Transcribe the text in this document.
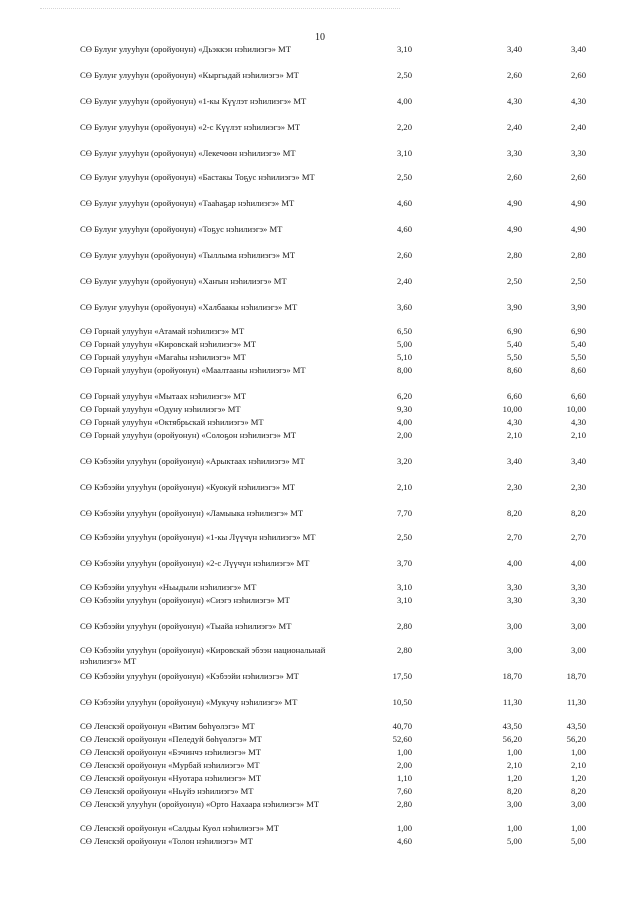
10
СӨ Булуҥ улууһун (оройуонун) «Дьэккэн нэһилиэгэ» МТ	3,10	3,40	3,40
СӨ Булуҥ улууһун (оройуонун) «Кыргыдай нэһилиэгэ» МТ	2,50	2,60	2,60
СӨ Булуҥ улууһун (оройуонун) «1-кы Күүлэт нэһилиэгэ» МТ	4,00	4,30	4,30
СӨ Булуҥ улууһун (оройуонун) «2-с Күүлэт нэһилиэгэ» МТ	2,20	2,40	2,40
СӨ Булуҥ улууһун (оройуонун) «Лекечөөн нэһилиэгэ» МТ	3,10	3,30	3,30
СӨ Булуҥ улууһун (оройуонун) «Бастакы Тоҕус нэһилиэгэ» МТ	2,50	2,60	2,60
СӨ Булуҥ улууһун (оройуонун) «Тааһаҕар нэһилиэгэ» МТ	4,60	4,90	4,90
СӨ Булуҥ улууһун (оройуонун) «Тоҕус нэһилиэгэ» МТ	4,60	4,90	4,90
СӨ Булуҥ улууһун (оройуонун) «Тыллыма нэһилиэгэ» МТ	2,60	2,80	2,80
СӨ Булуҥ улууһун (оройуонун) «Хаҥын нэһилиэгэ» МТ	2,40	2,50	2,50
СӨ Булуҥ улууһун (оройуонун) «Халбаакы нэһилиэгэ» МТ	3,60	3,90	3,90
СӨ Горнай улууһун «Атамай нэһилиэгэ» МТ	6,50	6,90	6,90
СӨ Горнай улууһун «Кировскай нэһилиэгэ» МТ	5,00	5,40	5,40
СӨ Горнай улууһун «Магаһы нэһилиэгэ» МТ	5,10	5,50	5,50
СӨ Горнай улууһун (оройуонун) «Маалтааны нэһилиэгэ» МТ	8,00	8,60	8,60
СӨ Горнай улууһун «Мытаах нэһилиэгэ» МТ	6,20	6,60	6,60
СӨ Горнай улууһун «Одуну нэһилиэгэ» МТ	9,30	10,00	10,00
СӨ Горнай улууһун «Октябрьскай нэһилиэгэ» МТ	4,00	4,30	4,30
СӨ Горнай улууһун (оройуонун) «Солоҕон нэһилиэгэ» МТ	2,00	2,10	2,10
СӨ Кэбээйи улууһун (оройуонун) «Арыктаах нэһилиэгэ» МТ	3,20	3,40	3,40
СӨ Кэбээйи улууһун (оройуонун) «Куокуй нэһилиэгэ» МТ	2,10	2,30	2,30
СӨ Кэбээйи улууһун (оройуонун) «Ламыыка нэһилиэгэ» МТ	7,70	8,20	8,20
СӨ Кэбээйи улууһун (оройуонун) «1-кы Лүүчүн нэһилиэгэ» МТ	2,50	2,70	2,70
СӨ Кэбээйи улууһун (оройуонун) «2-с Лүүчүн нэһилиэгэ» МТ	3,70	4,00	4,00
СӨ Кэбээйи улууһун «Ньыдыли нэһилиэгэ» МТ	3,10	3,30	3,30
СӨ Кэбээйи улууһун (оройуонун) «Сиэгэ нэһилиэгэ» МТ	3,10	3,30	3,30
СӨ Кэбээйи улууһун (оройуонун) «Тыайа нэһилиэгэ» МТ	2,80	3,00	3,00
СӨ Кэбээйи улууһун (оройуонун) «Кировскай эбээн национальнай нэһилиэгэ» МТ
2,80	3,00	3,00
СӨ Кэбээйи улууһун (оройуонун) «Кэбээйи нэһилиэгэ» МТ	17,50	18,70	18,70
СӨ Кэбээйи улууһун (оройуонун) «Мукучу нэһилиэгэ» МТ	10,50	11,30	11,30
СӨ Ленскэй оройуонун «Витим бөһүөлэгэ» МТ	40,70	43,50	43,50
СӨ Ленскэй оройуонун «Пеледуй бөһүөлэгэ» МТ	52,60	56,20	56,20
СӨ Ленскэй оройуонун «Бэчинчэ нэһилиэгэ» МТ	1,00	1,00	1,00
СӨ Ленскэй оройуонун «Мурбай нэһилиэгэ» МТ	2,00	2,10	2,10
СӨ Ленскэй оройуонун «Нуотара нэһилиэгэ» МТ	1,10	1,20	1,20
СӨ Ленскэй оройуонун «Ньүйэ нэһилиэгэ» МТ	7,60	8,20	8,20
СӨ Ленскэй улууһун (оройуонун) «Орто Нахаара нэһилиэгэ» МТ	2,80	3,00	3,00
СӨ Ленскэй оройуонун «Салдьы Куөл нэһилиэгэ» МТ	1,00	1,00	1,00
СӨ Ленскэй оройуонун «Толон нэһилиэгэ» МТ	4,60	5,00	5,00
